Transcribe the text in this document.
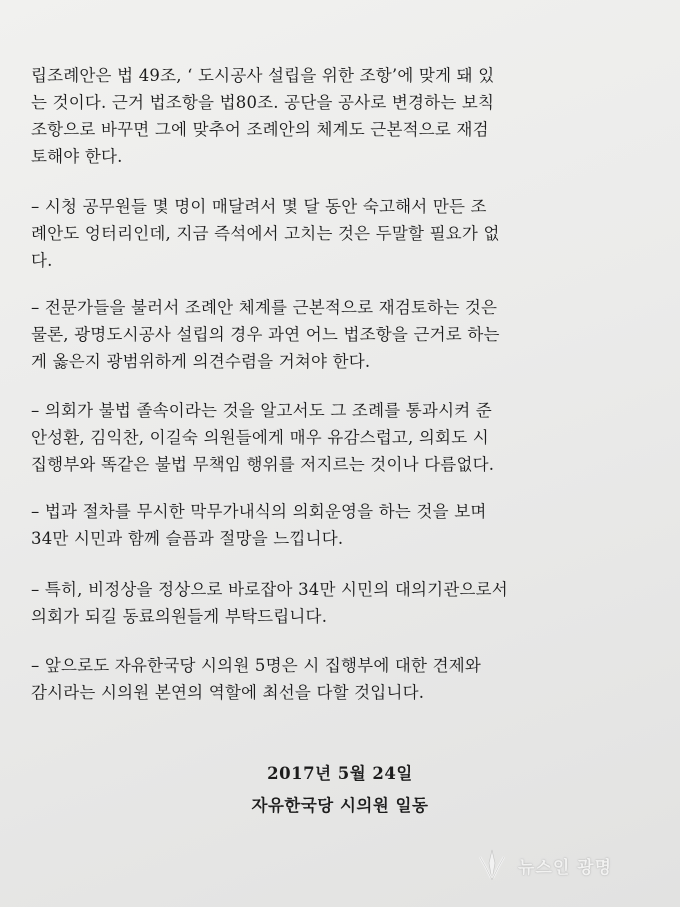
립조례안은 법 49조, ‘ 도시공사 설립을 위한 조항’에 맞게 돼 있
는 것이다. 근거 법조항을 법80조. 공단을 공사로 변경하는 보칙
조항으로 바꾸면 그에 맞추어 조례안의 체계도 근본적으로 재검
토해야 한다.
– 시청 공무원들 몇 명이 매달려서 몇 달 동안 숙고해서 만든 조
례안도 엉터리인데, 지금 즉석에서 고치는 것은 두말할 필요가 없
다.
– 전문가들을 불러서 조례안 체계를 근본적으로 재검토하는 것은
물론, 광명도시공사 설립의 경우 과연 어느 법조항을 근거로 하는
게 옳은지 광범위하게 의견수렴을 거쳐야 한다.
– 의회가 불법 졸속이라는 것을 알고서도 그 조례를 통과시켜 준
안성환, 김익찬, 이길숙 의원들에게 매우 유감스럽고, 의회도 시
집행부와 똑같은 불법 무책임 행위를 저지르는 것이나 다름없다.
– 법과 절차를 무시한 막무가내식의 의회운영을 하는 것을 보며
34만 시민과 함께 슬픔과 절망을 느낍니다.
– 특히, 비정상을 정상으로 바로잡아 34만 시민의 대의기관으로서
의회가 되길 동료의원들게 부탁드립니다.
– 앞으로도 자유한국당 시의원 5명은 시 집행부에 대한 견제와
감시라는 시의원 본연의 역할에 최선을 다할 것입니다.
2017년 5월 24일
자유한국당 시의원 일동
뉴스인 광명
